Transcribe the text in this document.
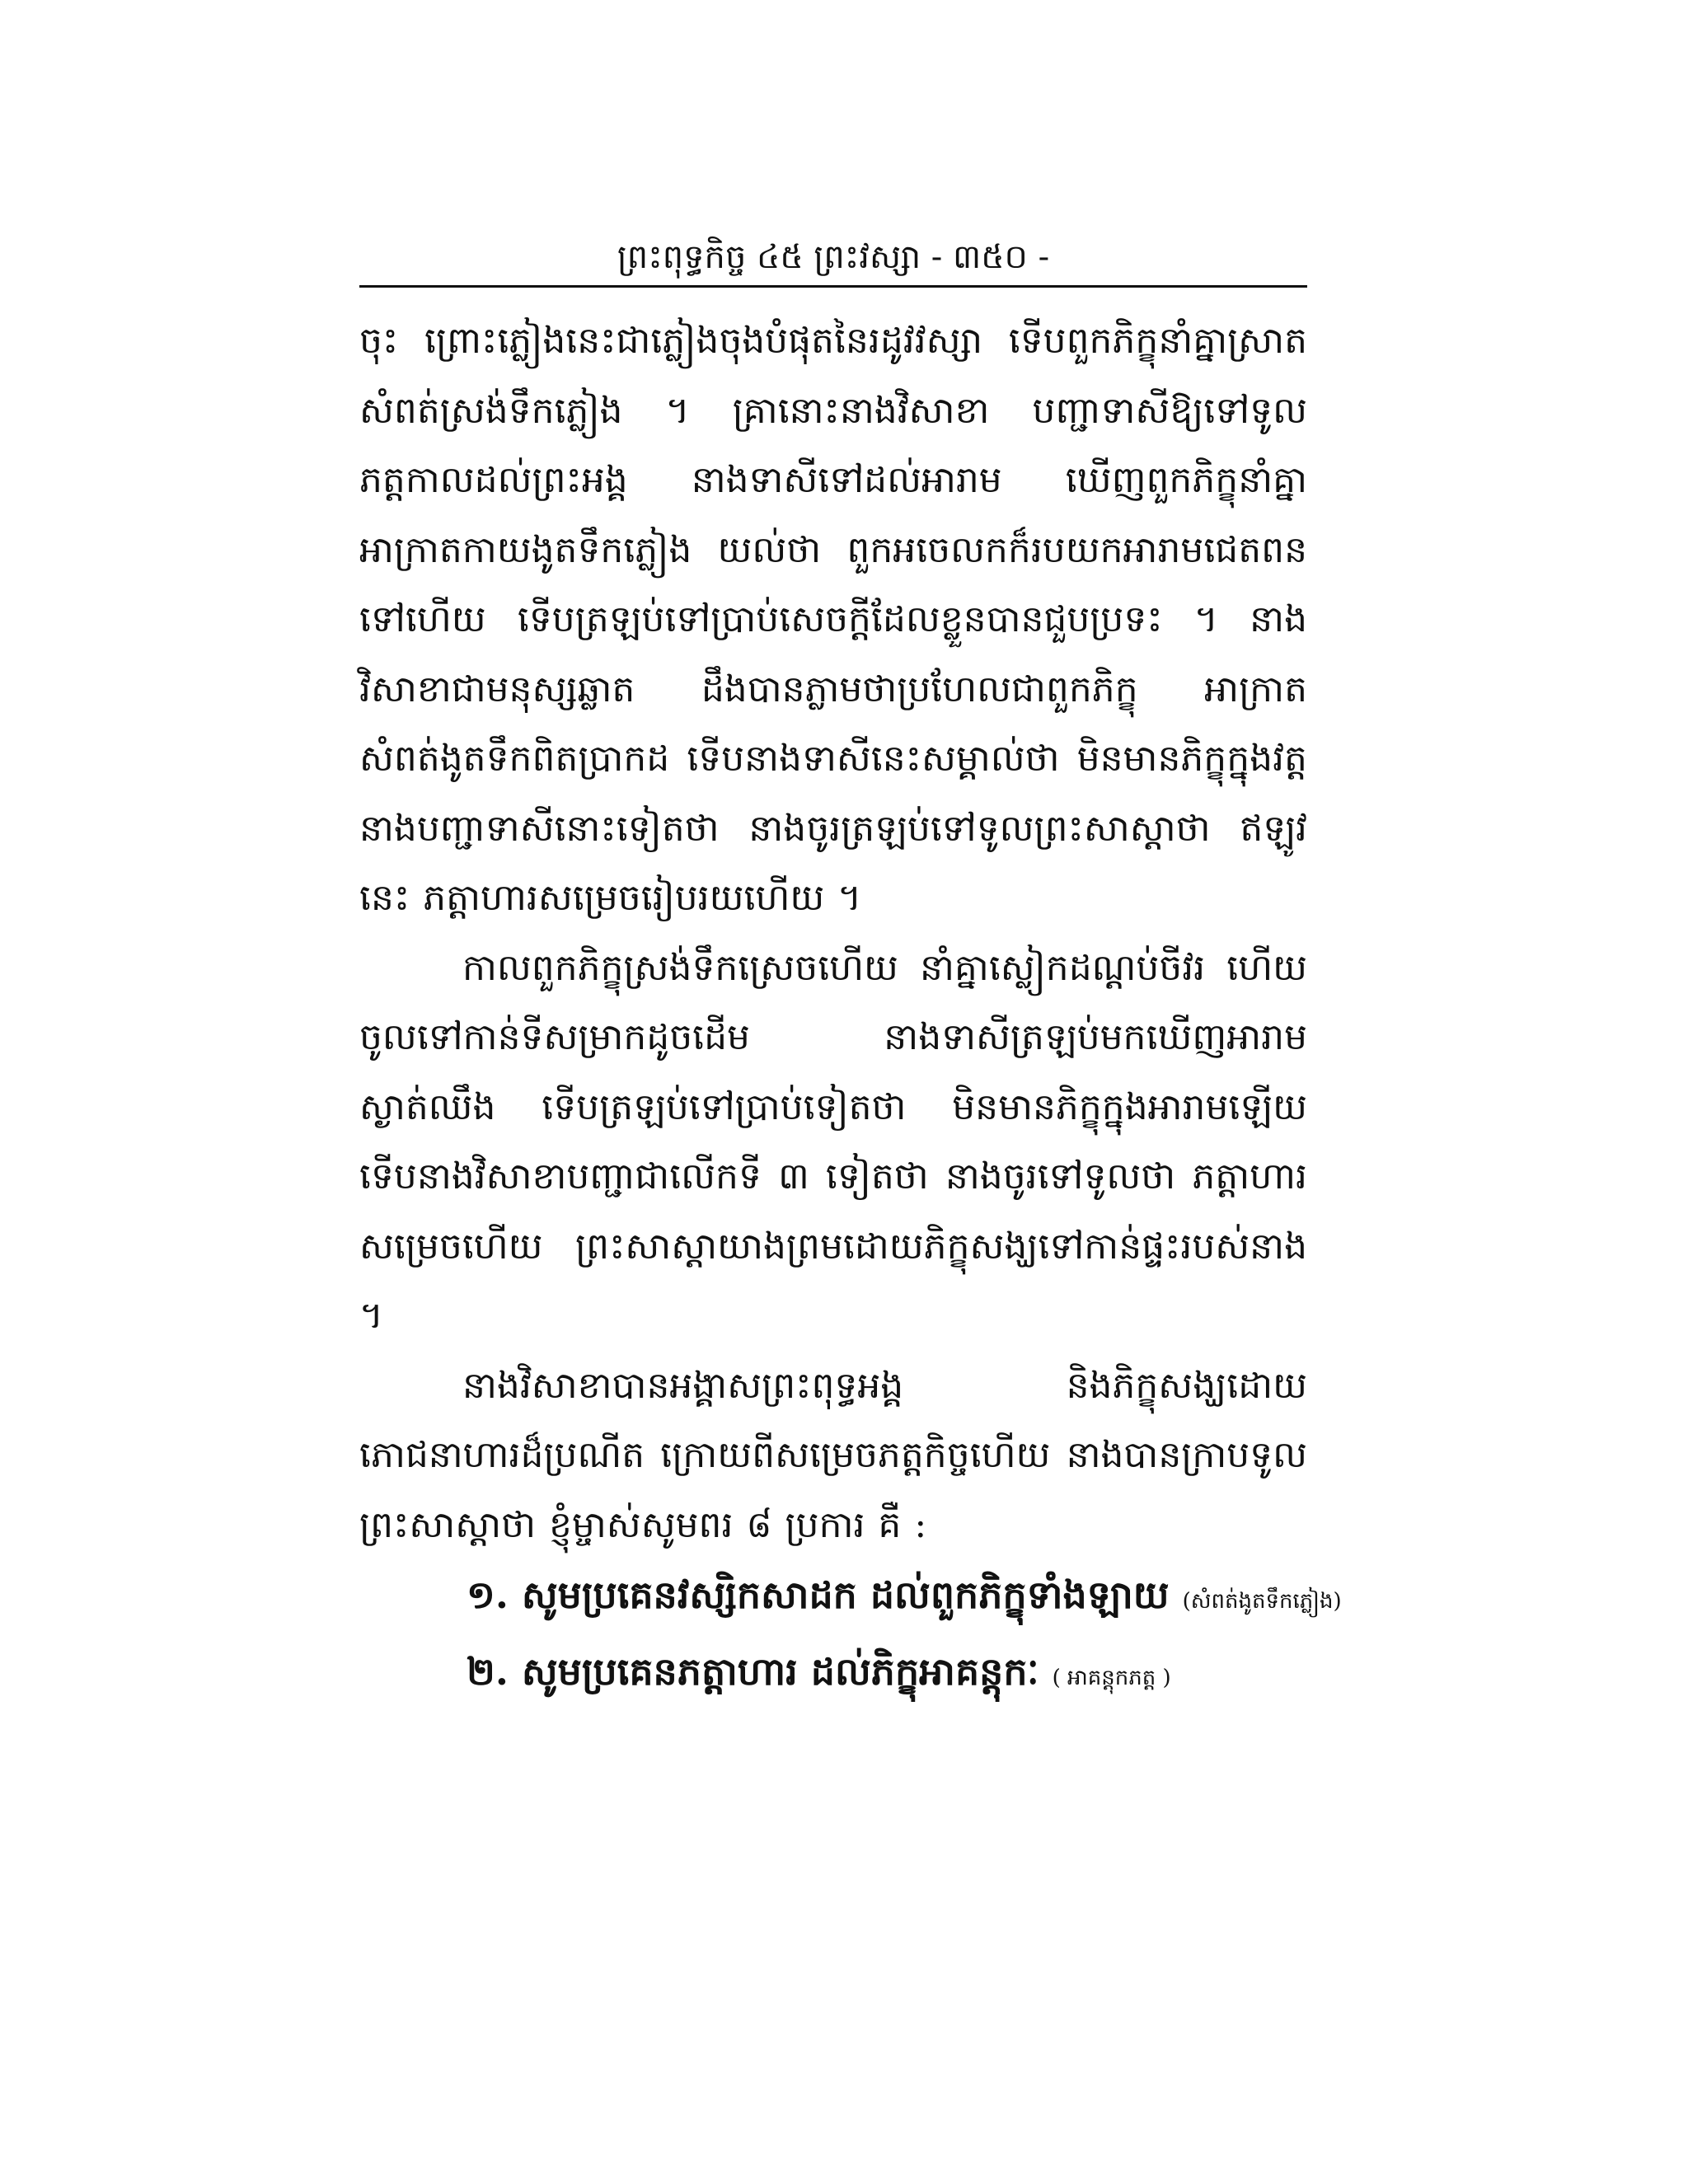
ព្រះពុទ្ធកិច្ច ៤៥ ព្រះវស្សា - ៣៥០ -

ចុះ ព្រោះភ្លៀងនេះជាភ្លៀងចុងបំផុតនៃរដូវវស្សា ទើបពួកភិក្ខុនាំគ្នាស្រាតសំពត់ស្រង់ទឹកភ្លៀង ។ គ្រានោះនាងវិសាខា បញ្ជាទាសីឱ្យទៅទូលភត្តកាលដល់ព្រះអង្គ នាងទាសីទៅដល់អារាម ឃើញពួកភិក្ខុនាំគ្នាអាក្រាតកាយងូតទឹកភ្លៀង យល់ថា ពួកអចេលកក៏របយកអារាមជេតពនទៅហើយ ទើបត្រឡប់ទៅប្រាប់សេចក្ដីដែលខ្លួនបានជួបប្រទះ ។ នាងវិសាខាជាមនុស្សឆ្លាត ដឹងបានភ្លាមថាប្រហែលជាពួកភិក្ខុ អាក្រាតសំពត់ងូតទឹកពិតប្រាកដ ទើបនាងទាសីនេះសម្គាល់ថា មិនមានភិក្ខុក្នុងវត្ត នាងបញ្ជាទាសីនោះទៀតថា នាងចូរត្រឡប់ទៅទូលព្រះសាស្ដាថា ឥឡូវនេះ ភត្តាហារសម្រេចរៀបរយហើយ ។

កាលពួកភិក្ខុស្រង់ទឹកស្រេចហើយ នាំគ្នាស្លៀកដណ្ដប់ចីវរ ហើយចូលទៅកាន់ទីសម្រាកដូចដើម នាងទាសីត្រឡប់មកឃើញអារាមស្ងាត់ឈឹង ទើបត្រឡប់ទៅប្រាប់ទៀតថា មិនមានភិក្ខុក្នុងអារាមឡើយ ទើបនាងវិសាខាបញ្ជាជាលើកទី ៣ ទៀតថា នាងចូរទៅទូលថា ភត្តាហារសម្រេចហើយ ព្រះសាស្ដាយាងព្រមដោយភិក្ខុសង្ឃទៅកាន់ផ្ទះរបស់នាង ។

នាងវិសាខាបានអង្គាសព្រះពុទ្ធអង្គ និងភិក្ខុសង្ឃដោយភោជនាហារដ៏ប្រណីត ក្រោយពីសម្រេចភត្តកិច្ចហើយ នាងបានក្រាបទូលព្រះសាស្ដាថា ខ្ញុំម្ចាស់សូមពរ ៨ ប្រការ គឺ :

១. សូមប្រគេនវស្សិកសាដក ដល់ពួកភិក្ខុទាំងឡាយ (សំពត់ងូតទឹកភ្លៀង)
២. សូមប្រគេនភត្តាហារ ដល់ភិក្ខុអាគន្តុកៈ ( អាគន្តុកភត្ត )
